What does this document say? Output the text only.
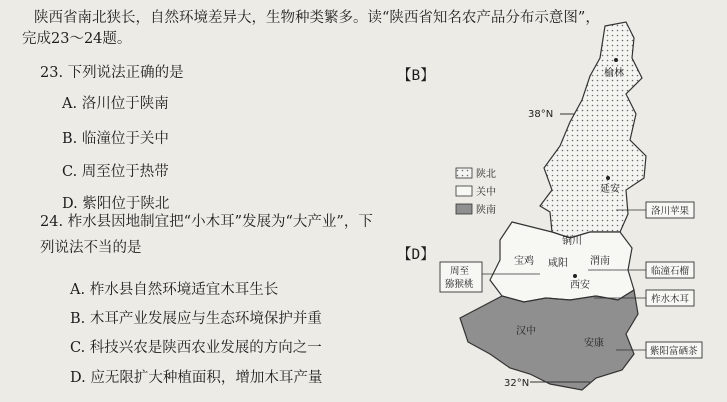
陕西省南北狭长，自然环境差异大，生物种类繁多。读“陕西省知名农产品分布示意图”，
完成23～24题。
23. 下列说法正确的是	【B】
A. 洛川位于陕南
B. 临潼位于关中
C. 周至位于热带
D. 紫阳位于陕北
24. 柞水县因地制宜把“小木耳”发展为“大产业”，下
列说法不当的是	【D】
A. 柞水县自然环境适宜木耳生长
B. 木耳产业发展应与生态环境保护并重
C. 科技兴农是陕西农业发展的方向之一
D. 应无限扩大种植面积，增加木耳产量
38°N
32°N
榆林
延安
铜川
宝鸡 咸阳 渭南
西安
汉中
安康
陕北
关中
陕南	洛川苹果
临潼石榴
柞水木耳
紫阳富硒茶
周至
猕猴桃
